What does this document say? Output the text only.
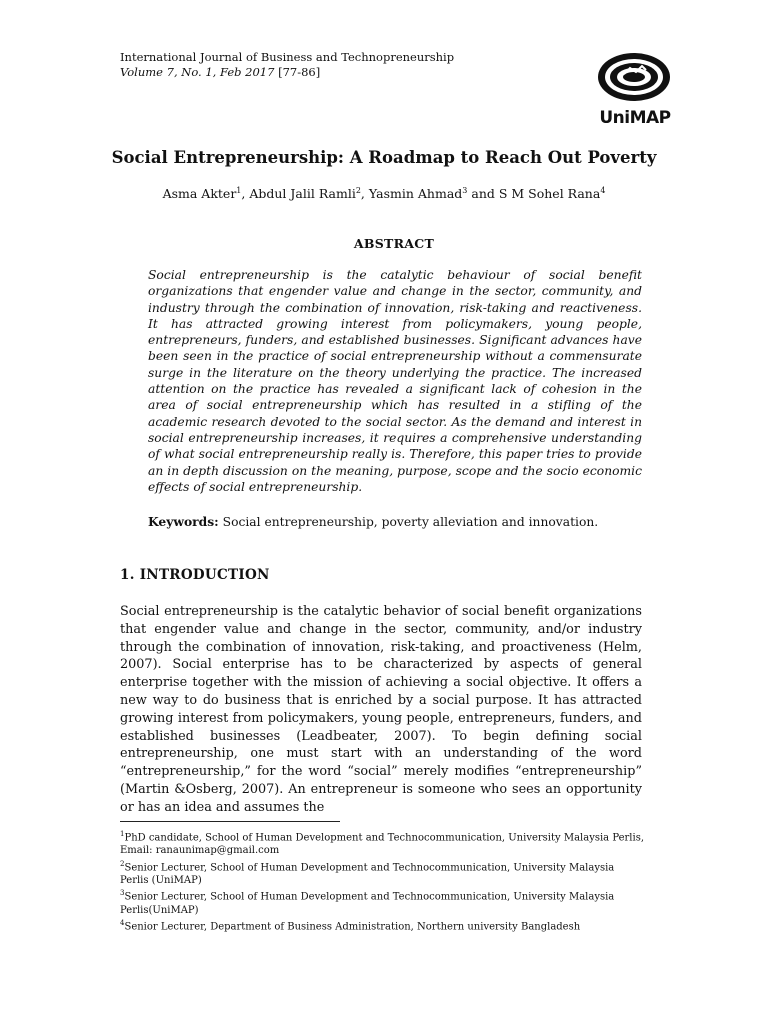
International Journal of Business and Technopreneurship
Volume 7, No. 1, Feb 2017 [77-86]
UniMAP
Social Entrepreneurship: A Roadmap to Reach Out Poverty
Asma Akter$^1$, Abdul Jalil Ramli$^2$, Yasmin Ahmad$^3$ and S M Sohel Rana$^4$
ABSTRACT
Social entrepreneurship is the catalytic behaviour of social benefit organizations that engender value and change in the sector, community, and industry through the combination of innovation, risk-taking and reactiveness. It has attracted growing interest from policymakers, young people, entrepreneurs, funders, and established businesses. Significant advances have been seen in the practice of social entrepreneurship without a commensurate surge in the literature on the theory underlying the practice. The increased attention on the practice has revealed a significant lack of cohesion in the area of social entrepreneurship which has resulted in a stifling of the academic research devoted to the social sector. As the demand and interest in social entrepreneurship increases, it requires a comprehensive understanding of what social entrepreneurship really is. Therefore, this paper tries to provide an in depth discussion on the meaning, purpose, scope and the socio economic effects of social entrepreneurship.
Keywords: Social entrepreneurship, poverty alleviation and innovation.
1. INTRODUCTION
Social entrepreneurship is the catalytic behavior of social benefit organizations that engender value and change in the sector, community, and/or industry through the combination of innovation, risk-taking, and proactiveness (Helm, 2007). Social enterprise has to be characterized by aspects of general enterprise together with the mission of achieving a social objective. It offers a new way to do business that is enriched by a social purpose. It has attracted growing interest from policymakers, young people, entrepreneurs, funders, and established businesses (Leadbeater, 2007). To begin defining social entrepreneurship, one must start with an understanding of the word “entrepreneurship,” for the word “social” merely modifies “entrepreneurship” (Martin &Osberg, 2007). An entrepreneur is someone who sees an opportunity or has an idea and assumes the
$^1$PhD candidate, School of Human Development and Technocommunication, University Malaysia Perlis, Email: ranaunimap@gmail.com
$^2$Senior Lecturer, School of Human Development and Technocommunication, University Malaysia Perlis (UniMAP)
$^3$Senior Lecturer, School of Human Development and Technocommunication, University Malaysia Perlis(UniMAP)
$^4$Senior Lecturer, Department of Business Administration, Northern university Bangladesh
